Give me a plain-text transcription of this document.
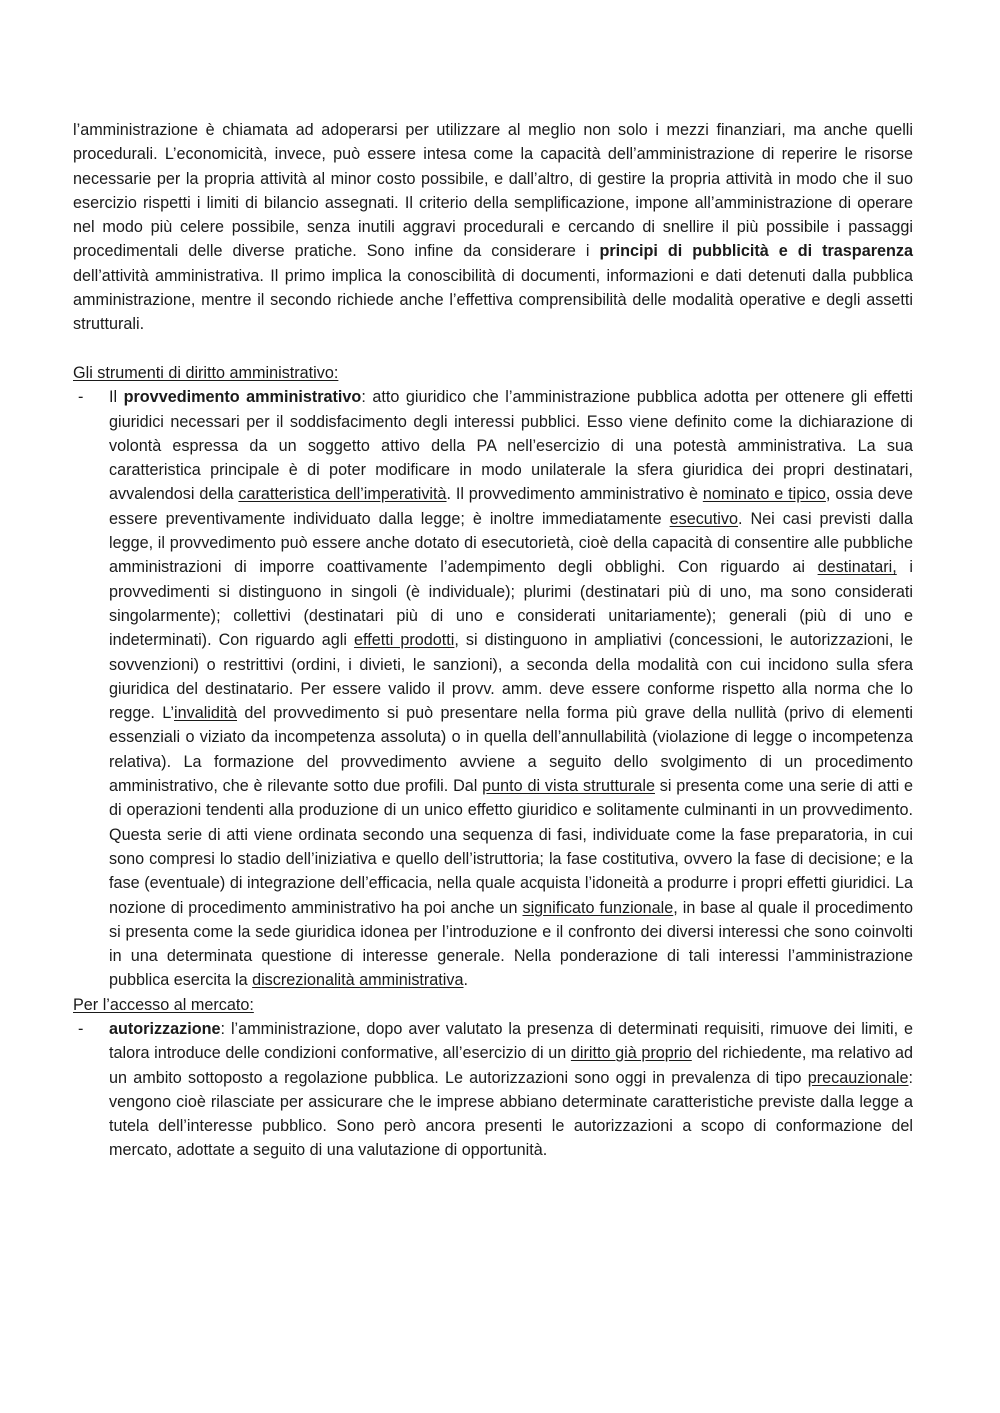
l’amministrazione è chiamata ad adoperarsi per utilizzare al meglio non solo i mezzi finanziari, ma anche quelli procedurali. L’economicità, invece, può essere intesa come la capacità dell’amministrazione di reperire le risorse necessarie per la propria attività al minor costo possibile, e dall’altro, di gestire la propria attività in modo che il suo esercizio rispetti i limiti di bilancio assegnati. Il criterio della semplificazione, impone all’amministrazione di operare nel modo più celere possibile, senza inutili aggravi procedurali e cercando di snellire il più possibile i passaggi procedimentali delle diverse pratiche. Sono infine da considerare i principi di pubblicità e di trasparenza dell’attività amministrativa. Il primo implica la conoscibilità di documenti, informazioni e dati detenuti dalla pubblica amministrazione, mentre il secondo richiede anche l’effettiva comprensibilità delle modalità operative e degli assetti strutturali.

Gli strumenti di diritto amministrativo:

- Il provvedimento amministrativo: atto giuridico che l’amministrazione pubblica adotta per ottenere gli effetti giuridici necessari per il soddisfacimento degli interessi pubblici. Esso viene definito come la dichiarazione di volontà espressa da un soggetto attivo della PA nell’esercizio di una potestà amministrativa. La sua caratteristica principale è di poter modificare in modo unilaterale la sfera giuridica dei propri destinatari, avvalendosi della caratteristica dell’imperatività. Il provvedimento amministrativo è nominato e tipico, ossia deve essere preventivamente individuato dalla legge; è inoltre immediatamente esecutivo. Nei casi previsti dalla legge, il provvedimento può essere anche dotato di esecutorietà, cioè della capacità di consentire alle pubbliche amministrazioni di imporre coattivamente l’adempimento degli obblighi. Con riguardo ai destinatari, i provvedimenti si distinguono in singoli (è individuale); plurimi (destinatari più di uno, ma sono considerati singolarmente); collettivi (destinatari più di uno e considerati unitariamente); generali (più di uno e indeterminati). Con riguardo agli effetti prodotti, si distinguono in ampliativi (concessioni, le autorizzazioni, le sovvenzioni) o restrittivi (ordini, i divieti, le sanzioni), a seconda della modalità con cui incidono sulla sfera giuridica del destinatario. Per essere valido il provv. amm. deve essere conforme rispetto alla norma che lo regge. L’invalidità del provvedimento si può presentare nella forma più grave della nullità (privo di elementi essenziali o viziato da incompetenza assoluta) o in quella dell’annullabilità (violazione di legge o incompetenza relativa). La formazione del provvedimento avviene a seguito dello svolgimento di un procedimento amministrativo, che è rilevante sotto due profili. Dal punto di vista strutturale si presenta come una serie di atti e di operazioni tendenti alla produzione di un unico effetto giuridico e solitamente culminanti in un provvedimento. Questa serie di atti viene ordinata secondo una sequenza di fasi, individuate come la fase preparatoria, in cui sono compresi lo stadio dell’iniziativa e quello dell’istruttoria; la fase costitutiva, ovvero la fase di decisione; e la fase (eventuale) di integrazione dell’efficacia, nella quale acquista l’idoneità a produrre i propri effetti giuridici. La nozione di procedimento amministrativo ha poi anche un significato funzionale, in base al quale il procedimento si presenta come la sede giuridica idonea per l’introduzione e il confronto dei diversi interessi che sono coinvolti in una determinata questione di interesse generale. Nella ponderazione di tali interessi l’amministrazione pubblica esercita la discrezionalità amministrativa.

Per l’accesso al mercato:

- autorizzazione: l’amministrazione, dopo aver valutato la presenza di determinati requisiti, rimuove dei limiti, e talora introduce delle condizioni conformative, all’esercizio di un diritto già proprio del richiedente, ma relativo ad un ambito sottoposto a regolazione pubblica. Le autorizzazioni sono oggi in prevalenza di tipo precauzionale: vengono cioè rilasciate per assicurare che le imprese abbiano determinate caratteristiche previste dalla legge a tutela dell’interesse pubblico. Sono però ancora presenti le autorizzazioni a scopo di conformazione del mercato, adottate a seguito di una valutazione di opportunità.
